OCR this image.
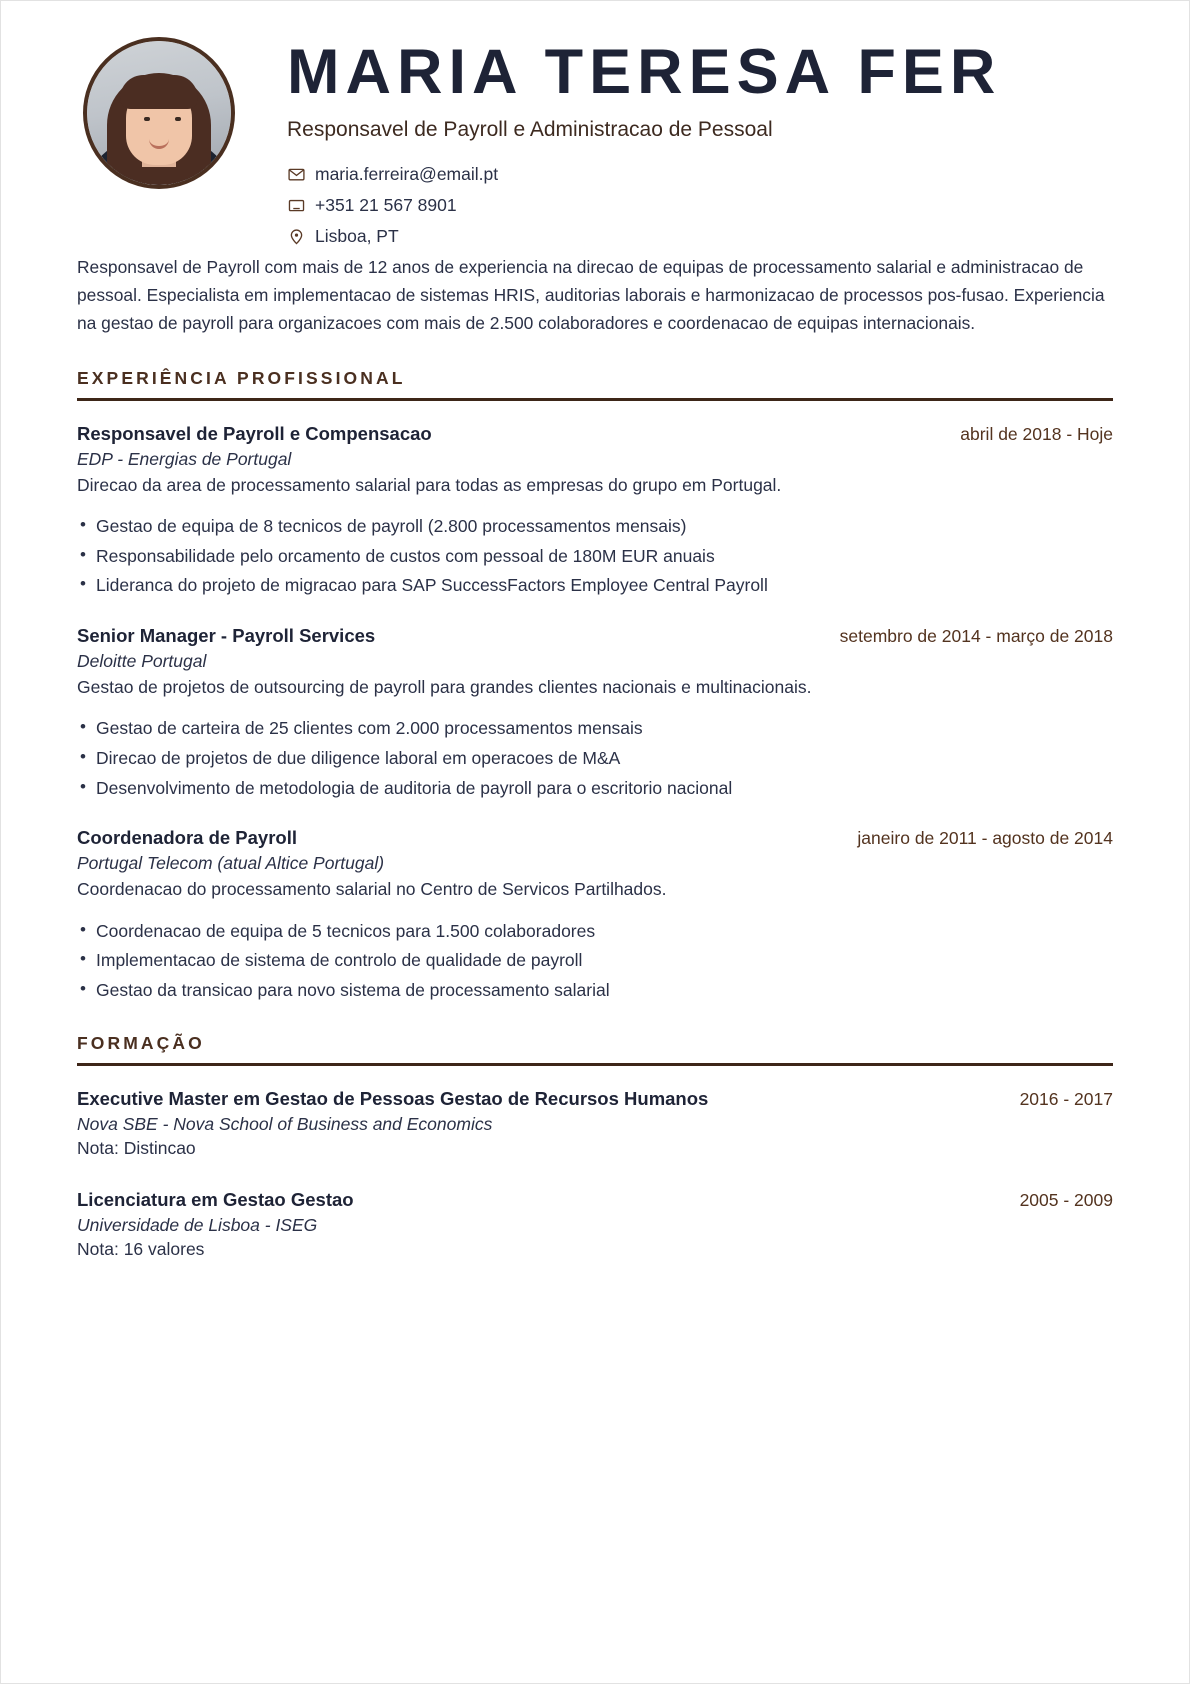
MARIA TERESA FER
Responsavel de Payroll e Administracao de Pessoal
maria.ferreira@email.pt
+351 21 567 8901
Lisboa, PT

Responsavel de Payroll com mais de 12 anos de experiencia na direcao de equipas de processamento salarial e administracao de pessoal. Especialista em implementacao de sistemas HRIS, auditorias laborais e harmonizacao de processos pos-fusao. Experiencia na gestao de payroll para organizacoes com mais de 2.500 colaboradores e coordenacao de equipas internacionais.

EXPERIÊNCIA PROFISSIONAL
Responsavel de Payroll e Compensacao	abril de 2018 - Hoje
EDP - Energias de Portugal
Direcao da area de processamento salarial para todas as empresas do grupo em Portugal.
• Gestao de equipa de 8 tecnicos de payroll (2.800 processamentos mensais)
• Responsabilidade pelo orcamento de custos com pessoal de 180M EUR anuais
• Lideranca do projeto de migracao para SAP SuccessFactors Employee Central Payroll
Senior Manager - Payroll Services	setembro de 2014 - março de 2018
Deloitte Portugal
Gestao de projetos de outsourcing de payroll para grandes clientes nacionais e multinacionais.
• Gestao de carteira de 25 clientes com 2.000 processamentos mensais
• Direcao de projetos de due diligence laboral em operacoes de M&A
• Desenvolvimento de metodologia de auditoria de payroll para o escritorio nacional
Coordenadora de Payroll	janeiro de 2011 - agosto de 2014
Portugal Telecom (atual Altice Portugal)
Coordenacao do processamento salarial no Centro de Servicos Partilhados.
• Coordenacao de equipa de 5 tecnicos para 1.500 colaboradores
• Implementacao de sistema de controlo de qualidade de payroll
• Gestao da transicao para novo sistema de processamento salarial
FORMAÇÃO
Executive Master em Gestao de Pessoas Gestao de Recursos Humanos	2016 - 2017
Nova SBE - Nova School of Business and Economics
Nota: Distincao
Licenciatura em Gestao Gestao	2005 - 2009
Universidade de Lisboa - ISEG
Nota: 16 valores
